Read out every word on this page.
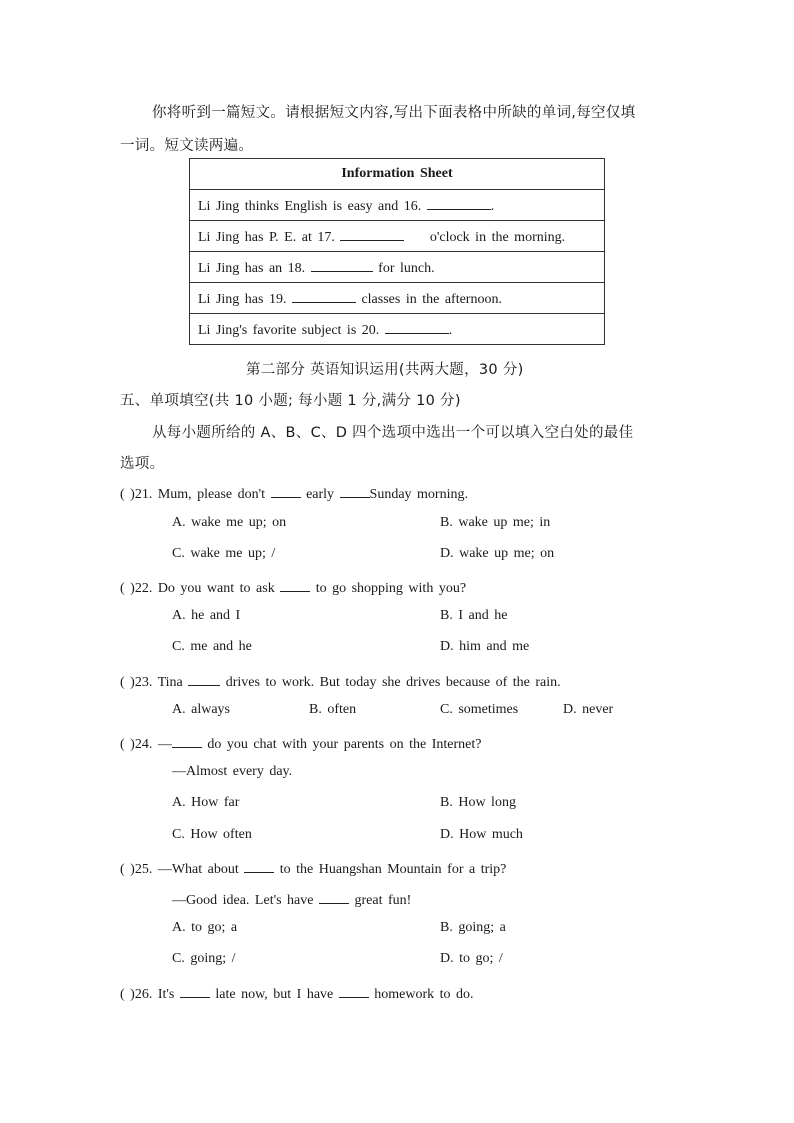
你将听到一篇短文。请根据短文内容,写出下面表格中所缺的单词,每空仅填
一词。短文读两遍。
Information Sheet
Li Jing thinks English is easy and 16.	.
Li Jing has P. E. at 17.	o'clock in the morning.
Li Jing has an 18.	for lunch.
Li Jing has 19.	classes in the afternoon.
Li Jing's favorite subject is 20.	.
第二部分 英语知识运用(共两大题，30 分)
五、单项填空(共 10 小题; 每小题 1 分,满分 10 分)
从每小题所给的 A、B、C、D 四个选项中选出一个可以填入空白处的最佳
选项。
( )21. Mum, please don't	early	Sunday morning.
A. wake me up; on	B. wake up me; in
C. wake me up; /	D. wake up me; on
( )22. Do you want to ask	to go shopping with you?
A. he and I	B. I and he
C. me and he	D. him and me
( )23. Tina	drives to work. But today she drives because of the rain.
A. always	B. often	C. sometimes	D. never
( )24. —	do you chat with your parents on the Internet?
—Almost every day.
A. How far	B. How long
C. How often	D. How much
( )25. —What about	to the Huangshan Mountain for a trip?
—Good idea. Let's have	great fun!
A. to go; a	B. going; a
C. going; /	D. to go; /
( )26. It's	late now, but I have	homework to do.
